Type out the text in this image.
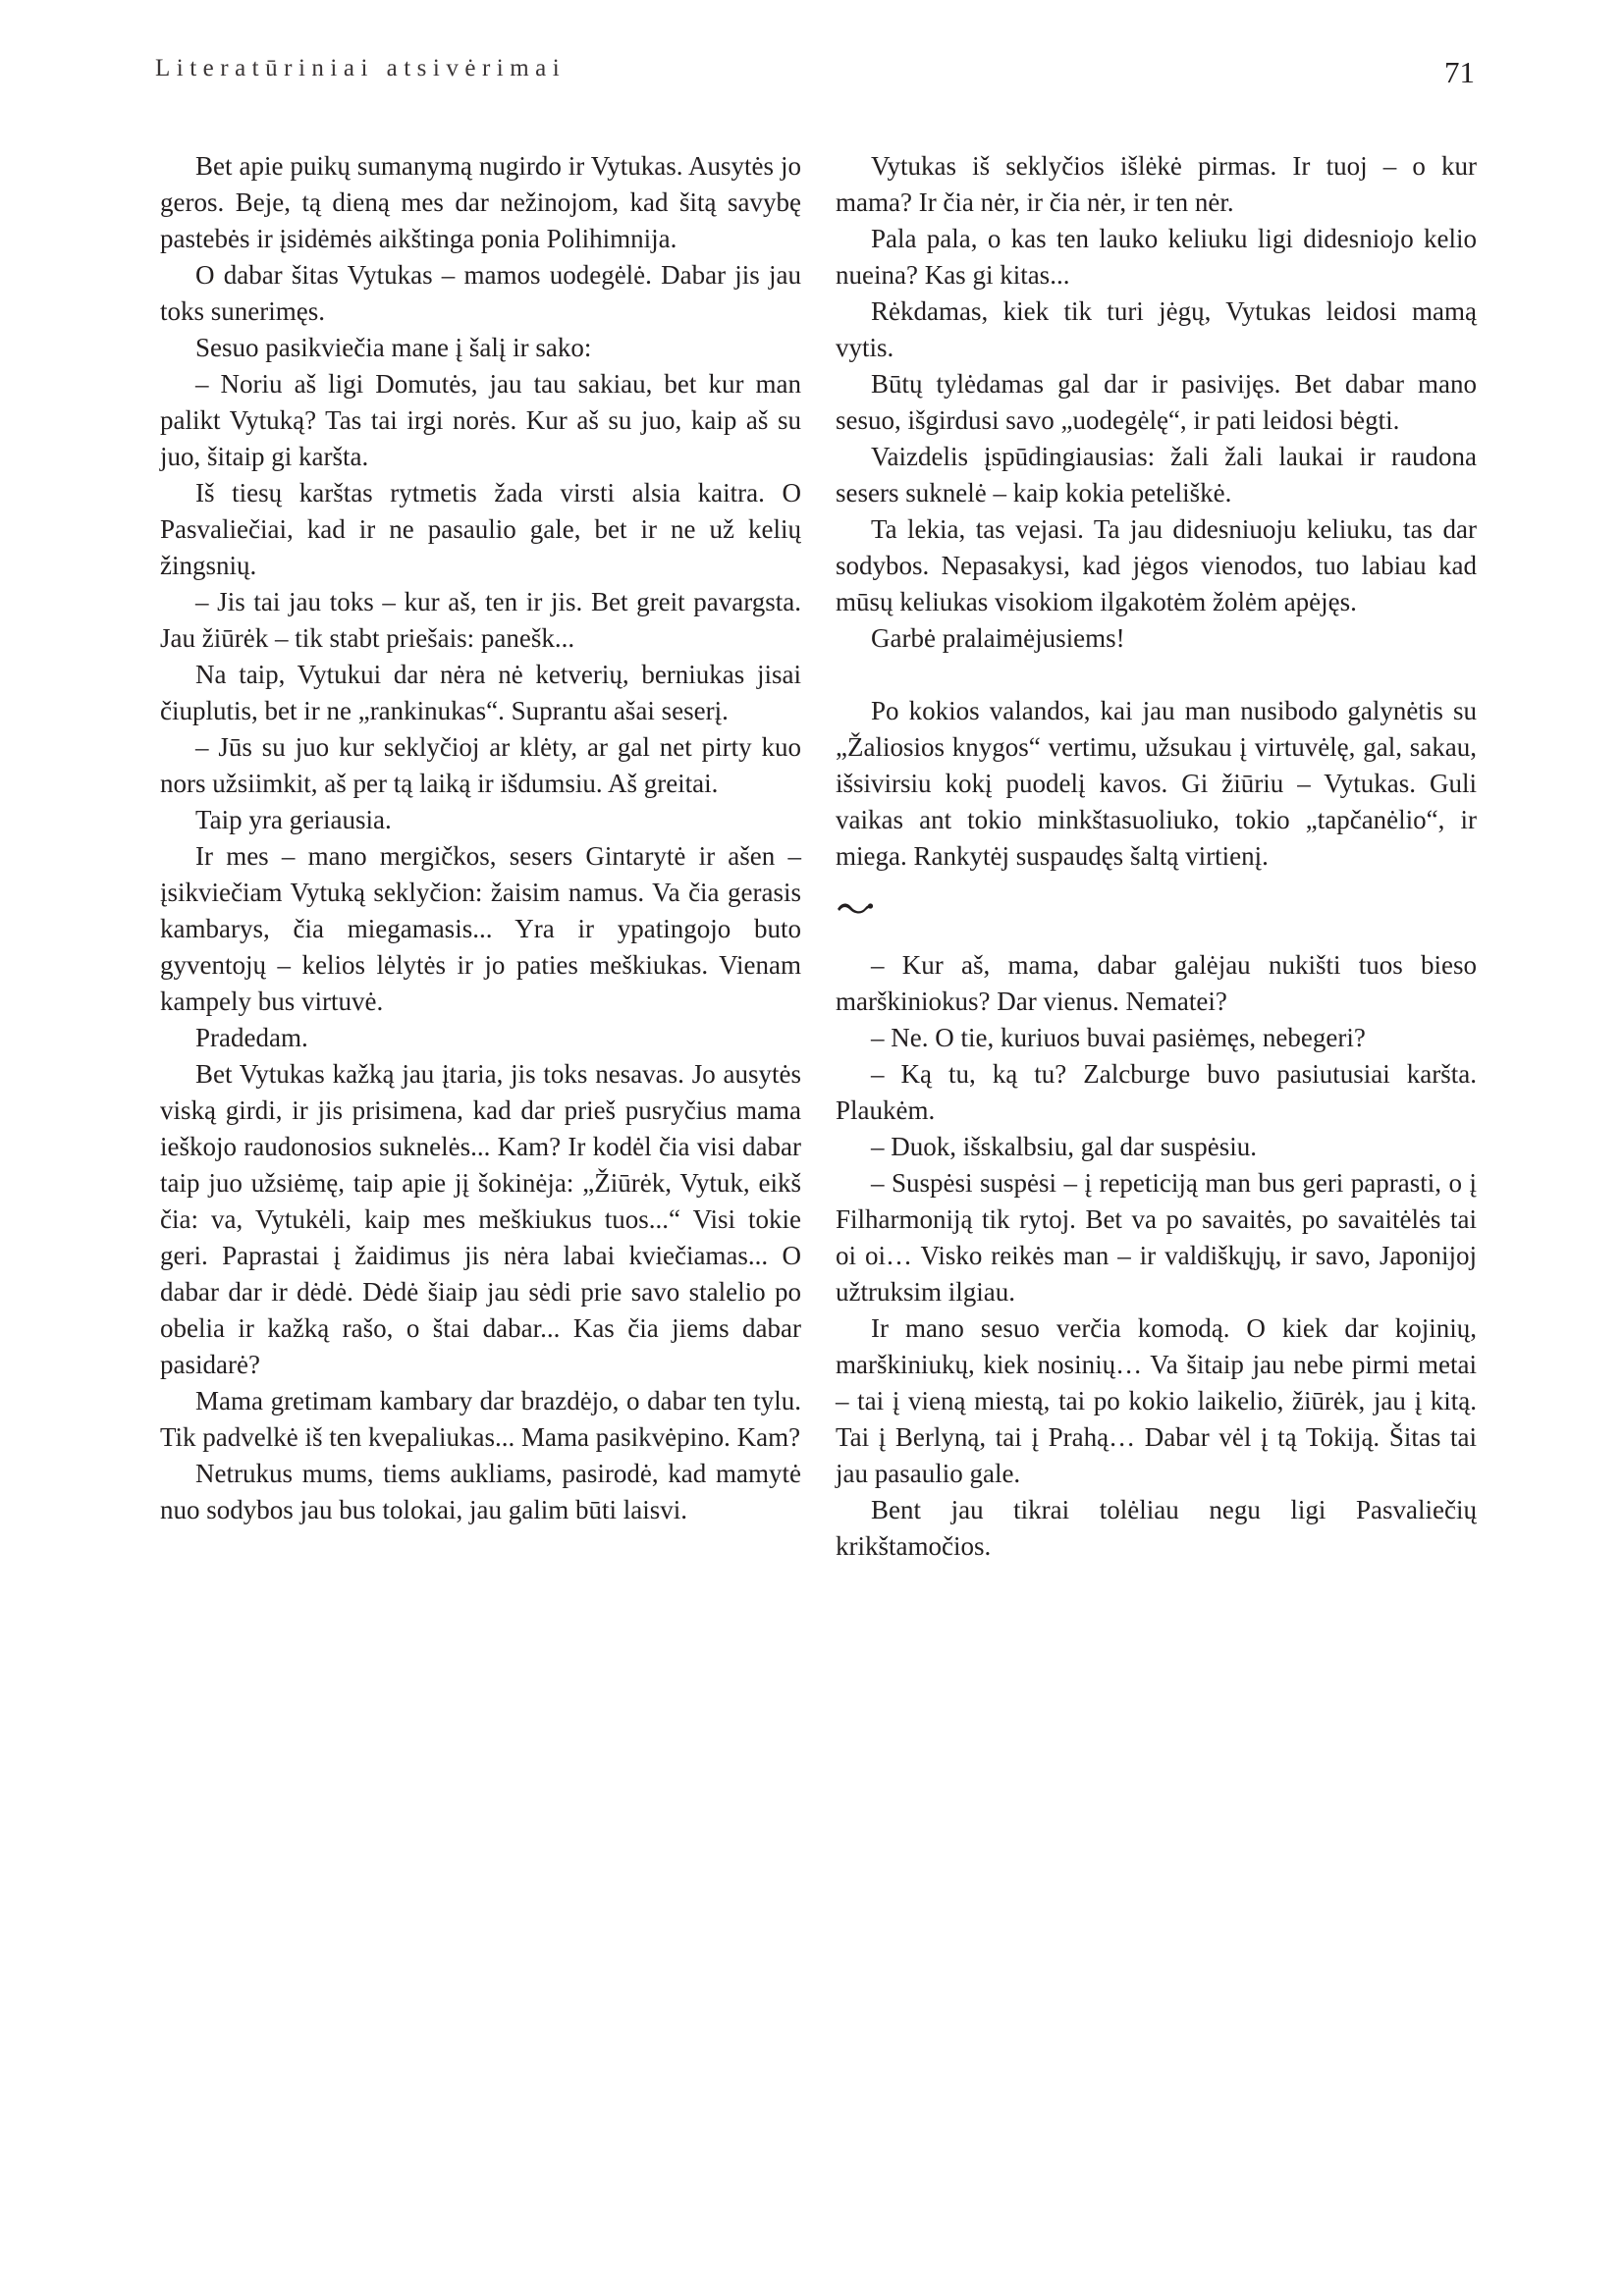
Literatūriniai atsivėrimai	71

Bet apie puikų sumanymą nugirdo ir Vytukas. Ausytės jo geros. Beje, tą dieną mes dar nežinojom, kad šitą savybę pastebės ir įsidėmės aikštinga ponia Polihimnija.

O dabar šitas Vytukas – mamos uodegėlė. Dabar jis jau toks sunerimęs.

Sesuo pasikviečia mane į šalį ir sako:

– Noriu aš ligi Domutės, jau tau sakiau, bet kur man palikt Vytuką? Tas tai irgi norės. Kur aš su juo, kaip aš su juo, šitaip gi karšta.

Iš tiesų karštas rytmetis žada virsti alsia kaitra. O Pasvaliečiai, kad ir ne pasaulio gale, bet ir ne už kelių žingsnių.

– Jis tai jau toks – kur aš, ten ir jis. Bet greit pavargsta. Jau žiūrėk – tik stabt priešais: panešk...

Na taip, Vytukui dar nėra nė ketverių, berniukas jisai čiuplutis, bet ir ne „rankinukas“. Suprantu ašai seserį.

– Jūs su juo kur seklyčioj ar klėty, ar gal net pirty kuo nors užsiimkit, aš per tą laiką ir išdumsiu. Aš greitai.

Taip yra geriausia.

Ir mes – mano mergičkos, sesers Gintarytė ir ašen – įsikviečiam Vytuką seklyčion: žaisim namus. Va čia gerasis kambarys, čia miegamasis... Yra ir ypatingojo buto gyventojų – kelios lėlytės ir jo paties meškiukas. Vienam kampely bus virtuvė.

Pradedam.

Bet Vytukas kažką jau įtaria, jis toks nesavas. Jo ausytės viską girdi, ir jis prisimena, kad dar prieš pusryčius mama ieškojo raudonosios suknelės... Kam? Ir kodėl čia visi dabar taip juo užsiėmę, taip apie jį šokinėja: „Žiūrėk, Vytuk, eikš čia: va, Vytukėli, kaip mes meškiukus tuos...“ Visi tokie geri. Paprastai į žaidimus jis nėra labai kviečiamas... O dabar dar ir dėdė. Dėdė šiaip jau sėdi prie savo stalelio po obelia ir kažką rašo, o štai dabar... Kas čia jiems dabar pasidarė?

Mama gretimam kambary dar brazdėjo, o dabar ten tylu. Tik padvelkė iš ten kvepaliukas... Mama pasikvėpino. Kam?

Netrukus mums, tiems aukliams, pasirodė, kad mamytė nuo sodybos jau bus tolokai, jau galim būti laisvi.

Vytukas iš seklyčios išlėkė pirmas. Ir tuoj – o kur mama? Ir čia nėr, ir čia nėr, ir ten nėr.

Pala pala, o kas ten lauko keliuku ligi didesniojo kelio nueina? Kas gi kitas...

Rėkdamas, kiek tik turi jėgų, Vytukas leidosi mamą vytis.

Būtų tylėdamas gal dar ir pasivijęs. Bet dabar mano sesuo, išgirdusi savo „uodegėlę“, ir pati leidosi bėgti.

Vaizdelis įspūdingiausias: žali žali laukai ir raudona sesers suknelė – kaip kokia peteliškė.

Ta lekia, tas vejasi. Ta jau didesniuoju keliuku, tas dar sodybos. Nepasakysi, kad jėgos vienodos, tuo labiau kad mūsų keliukas visokiom ilgakotėm žolėm apėjęs.

Garbė pralaimėjusiems!

Po kokios valandos, kai jau man nusibodo galynėtis su „Žaliosios knygos“ vertimu, užsukau į virtuvėlę, gal, sakau, išsivirsiu kokį puodelį kavos. Gi žiūriu – Vytukas. Guli vaikas ant tokio minkštasuoliuko, tokio „tapčanėlio“, ir miega. Rankytėj suspaudęs šaltą virtienį.

– Kur aš, mama, dabar galėjau nukišti tuos bieso marškiniokus? Dar vienus. Nematei?

– Ne. O tie, kuriuos buvai pasiėmęs, nebegeri?

– Ką tu, ką tu? Zalcburge buvo pasiutusiai karšta. Plaukėm.

– Duok, išskalbsiu, gal dar suspėsiu.

– Suspėsi suspėsi – į repeticiją man bus geri paprasti, o į Filharmoniją tik rytoj. Bet va po savaitės, po savaitėlės tai oi oi… Visko reikės man – ir valdiškųjų, ir savo, Japonijoj užtruksim ilgiau.

Ir mano sesuo verčia komodą. O kiek dar kojinių, marškiniukų, kiek nosinių… Va šitaip jau nebe pirmi metai – tai į vieną miestą, tai po kokio laikelio, žiūrėk, jau į kitą. Tai į Berlyną, tai į Prahą… Dabar vėl į tą Tokiją. Šitas tai jau pasaulio gale.

Bent jau tikrai tolėliau negu ligi Pasvaliečių krikštamočios.
